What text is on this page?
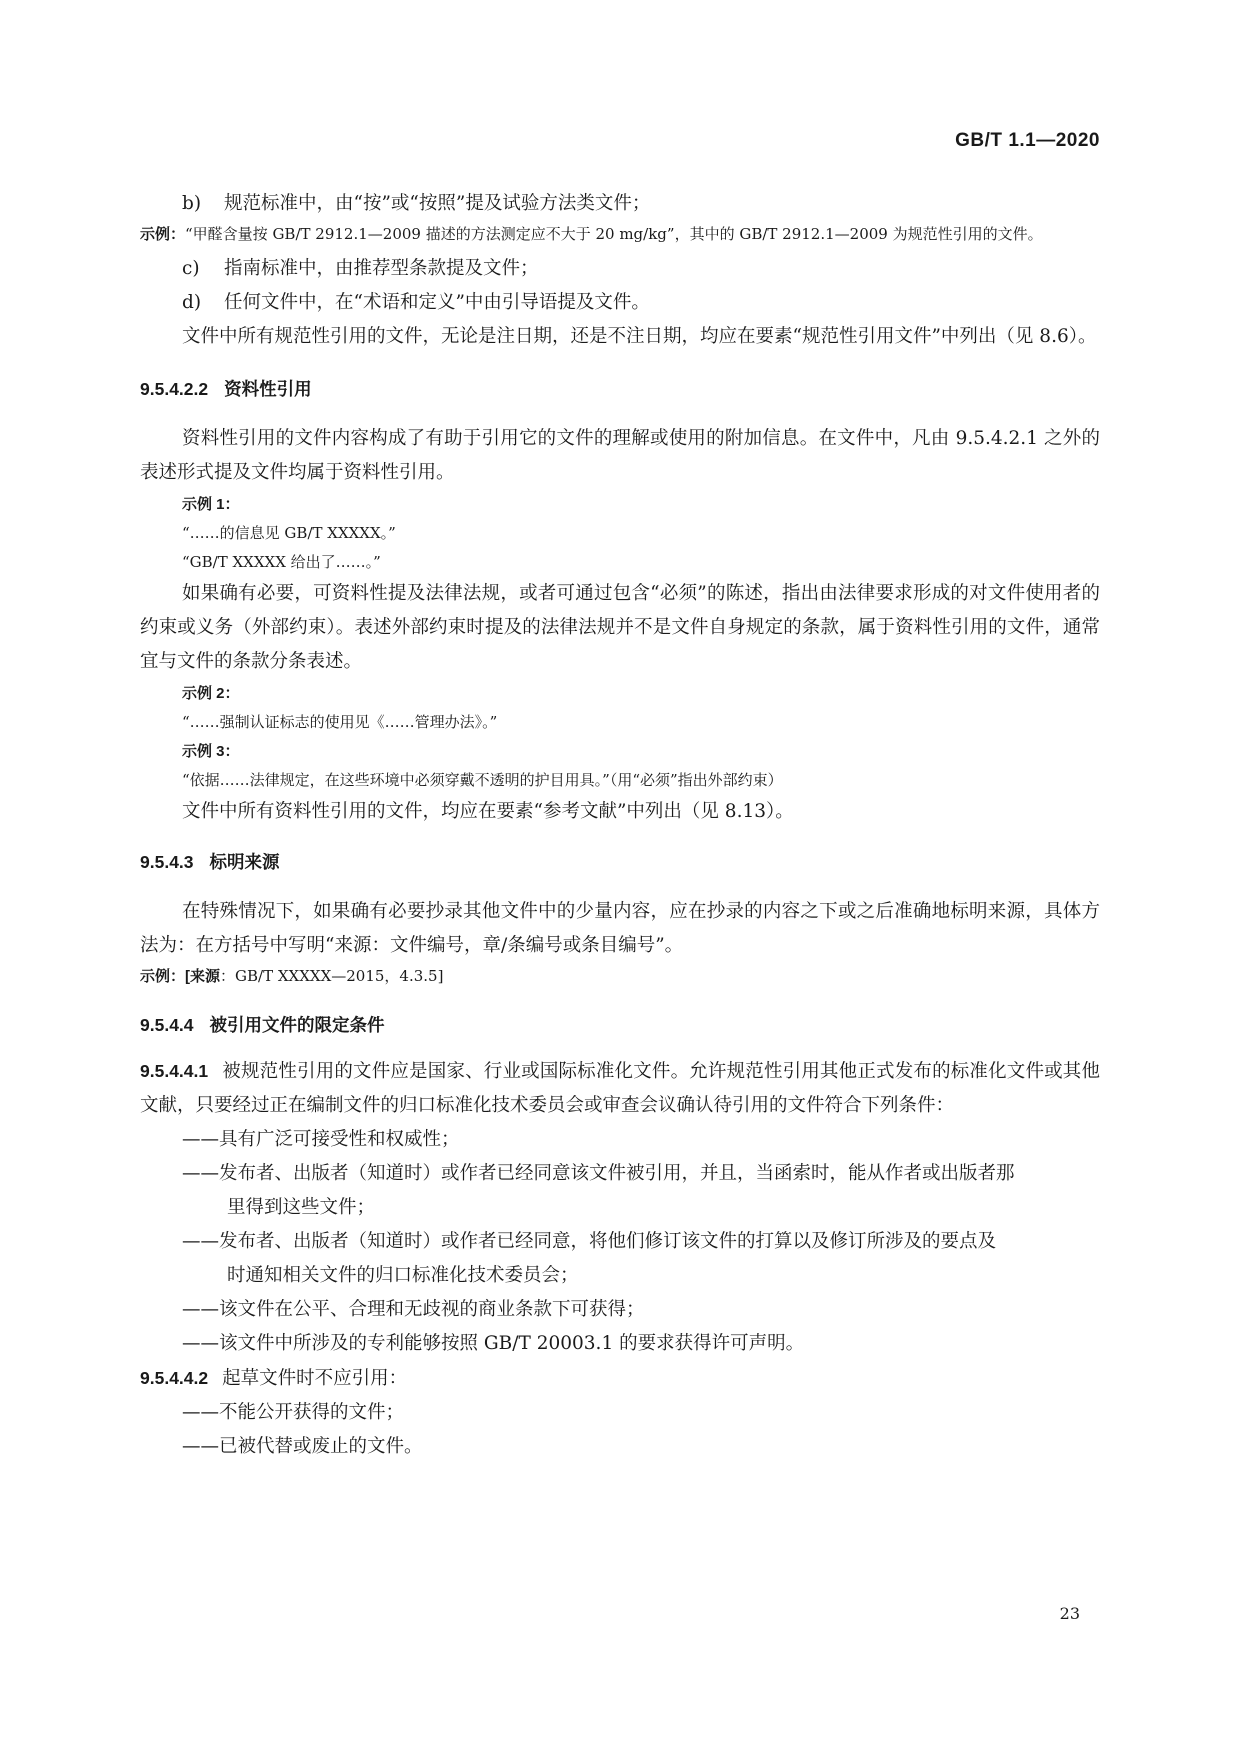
GB/T 1.1—2020

b) 规范标准中，由“按”或“按照”提及试验方法类文件；

示例：“甲醛含量按 GB/T 2912.1—2009 描述的方法测定应不大于 20 mg/kg”，其中的 GB/T 2912.1—2009 为规范性引用的文件。

c) 指南标准中，由推荐型条款提及文件；

d) 任何文件中，在“术语和定义”中由引导语提及文件。

文件中所有规范性引用的文件，无论是注日期，还是不注日期，均应在要素“规范性引用文件”中列出（见 8.6）。

9.5.4.2.2 资料性引用

资料性引用的文件内容构成了有助于引用它的文件的理解或使用的附加信息。在文件中，凡由 9.5.4.2.1 之外的表述形式提及文件均属于资料性引用。

示例 1：

“……的信息见 GB/T XXXXX。”

“GB/T XXXXX 给出了……。”

如果确有必要，可资料性提及法律法规，或者可通过包含“必须”的陈述，指出由法律要求形成的对文件使用者的约束或义务（外部约束）。表述外部约束时提及的法律法规并不是文件自身规定的条款，属于资料性引用的文件，通常宜与文件的条款分条表述。

示例 2：

“……强制认证标志的使用见《……管理办法》。”

示例 3：

“依据……法律规定，在这些环境中必须穿戴不透明的护目用具。”（用“必须”指出外部约束）

文件中所有资料性引用的文件，均应在要素“参考文献”中列出（见 8.13）。

9.5.4.3 标明来源

在特殊情况下，如果确有必要抄录其他文件中的少量内容，应在抄录的内容之下或之后准确地标明来源，具体方法为：在方括号中写明“来源：文件编号，章/条编号或条目编号”。

示例：[来源：GB/T XXXXX—2015，4.3.5]

9.5.4.4 被引用文件的限定条件

9.5.4.4.1 被规范性引用的文件应是国家、行业或国际标准化文件。允许规范性引用其他正式发布的标准化文件或其他文献，只要经过正在编制文件的归口标准化技术委员会或审查会议确认待引用的文件符合下列条件：

——具有广泛可接受性和权威性；

——发布者、出版者（知道时）或作者已经同意该文件被引用，并且，当函索时，能从作者或出版者那

里得到这些文件；

——发布者、出版者（知道时）或作者已经同意，将他们修订该文件的打算以及修订所涉及的要点及

时通知相关文件的归口标准化技术委员会；

——该文件在公平、合理和无歧视的商业条款下可获得；

——该文件中所涉及的专利能够按照 GB/T 20003.1 的要求获得许可声明。

9.5.4.4.2 起草文件时不应引用：

——不能公开获得的文件；

——已被代替或废止的文件。

23
